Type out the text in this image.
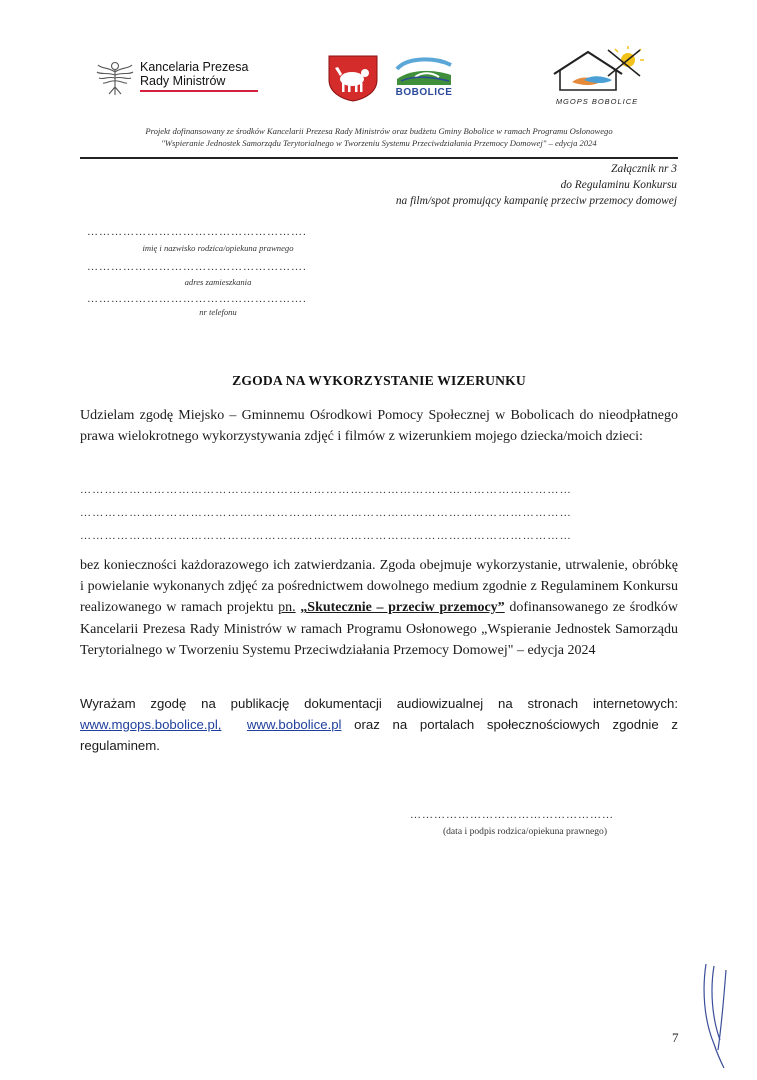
Kancelaria Prezesa
Rady Ministrów
BOBOLICE
MGOPS BOBOLICE
Projekt dofinansowany ze środków Kancelarii Prezesa Rady Ministrów oraz budżetu Gminy Bobolice w ramach Programu Osłonowego
"Wspieranie Jednostek Samorządu Terytorialnego w Tworzeniu Systemu Przeciwdziałania Przemocy Domowej" – edycja 2024
Załącznik nr 3
do Regulaminu Konkursu
na film/spot promujący kampanię przeciw przemocy domowej
……………………………………………….
imię i nazwisko rodzica/opiekuna prawnego
……………………………………………….
adres zamieszkania
……………………………………………….
nr telefonu
ZGODA NA WYKORZYSTANIE WIZERUNKU
Udzielam zgodę Miejsko – Gminnemu Ośrodkowi Pomocy Społecznej w Bobolicach do nieodpłatnego prawa wielokrotnego wykorzystywania zdjęć i filmów z wizerunkiem mojego dziecka/moich dzieci:
…………………………………………………………………………………………………………
…………………………………………………………………………………………………………
…………………………………………………………………………………………………………
bez konieczności każdorazowego ich zatwierdzania. Zgoda obejmuje wykorzystanie, utrwalenie, obróbkę i powielanie wykonanych zdjęć za pośrednictwem dowolnego medium zgodnie z Regulaminem Konkursu realizowanego w ramach projektu pn. „Skutecznie – przeciw przemocy” dofinansowanego ze środków Kancelarii Prezesa Rady Ministrów w ramach Programu Osłonowego „Wspieranie Jednostek Samorządu Terytorialnego w Tworzeniu Systemu Przeciwdziałania Przemocy Domowej" – edycja 2024
Wyrażam zgodę na publikację dokumentacji audiowizualnej na stronach internetowych: www.mgops.bobolice.pl, www.bobolice.pl oraz na portalach społecznościowych zgodnie z regulaminem.
……………………………………………
(data i podpis rodzica/opiekuna prawnego)
7
